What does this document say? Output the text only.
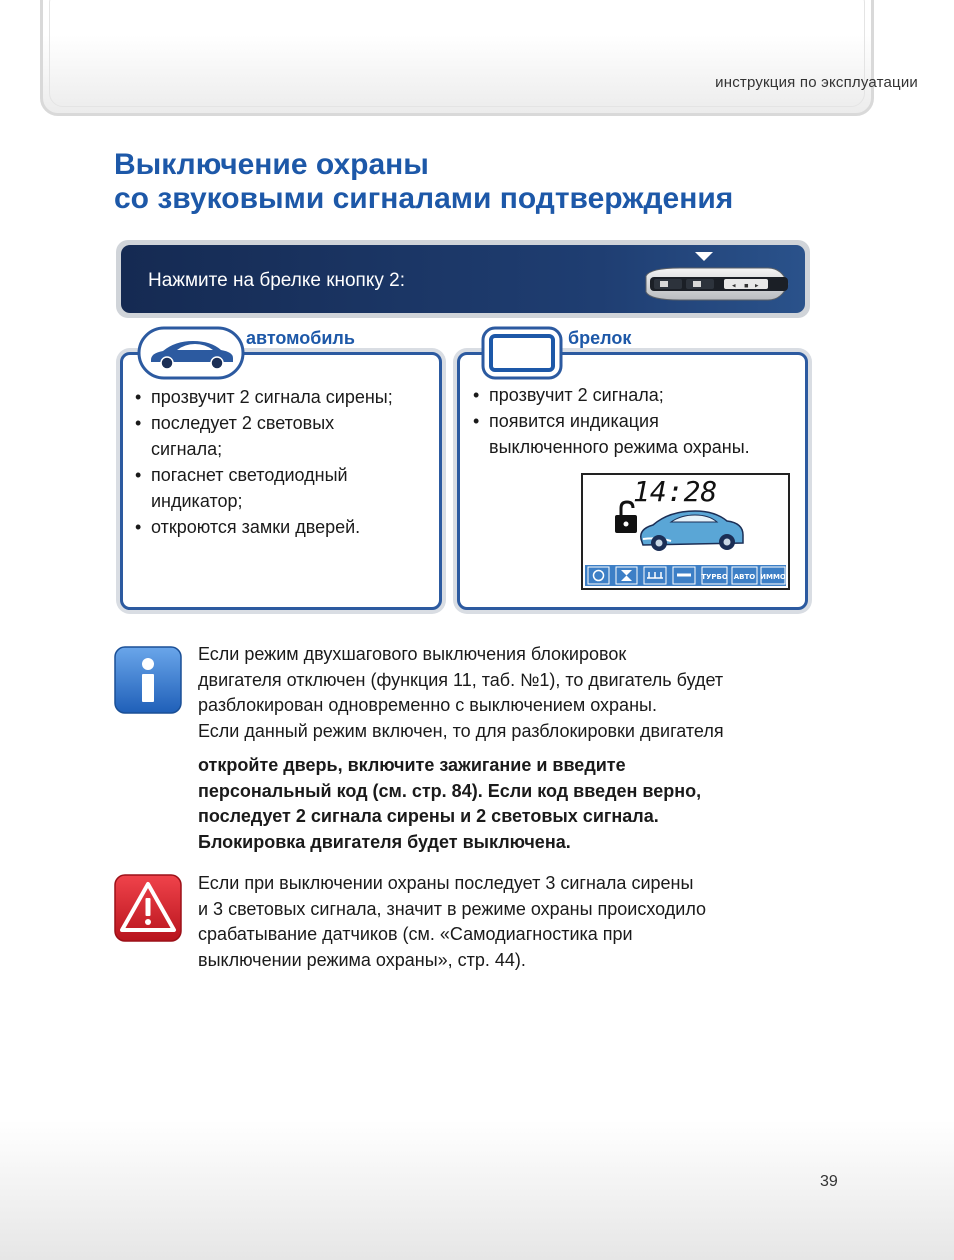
инструкция по эксплуатации
Выключение охраны
со звуковыми сигналами подтверждения
Нажмите на брелке кнопку 2:	◂ ▪ ▸
автомобиль
• прозвучит 2 сигнала сирены;
• последует 2 световых
сигнала;
• погаснет светодиодный
индикатор;
• откроются замки дверей.
брелок
• прозвучит 2 сигнала;
• появится индикация
выключенного режима охраны.
14:28
ТУРБО АВТО ИММО

Если режим двухшагового выключения блокировок
двигателя отключен (функция 11, таб. №1), то двигатель будет
разблокирован одновременно с выключением охраны.
Если данный режим включен, то для разблокировки двигателя

откройте дверь, включите зажигание и введите
персональный код (см. стр. 84). Если код введен верно,
последует 2 сигнала сирены и 2 световых сигнала.
Блокировка двигателя будет выключена.

Если при выключении охраны последует 3 сигнала сирены
и 3 световых сигнала, значит в режиме охраны происходило
срабатывание датчиков (см. «Самодиагностика при
выключении режима охраны», стр. 44).

39
